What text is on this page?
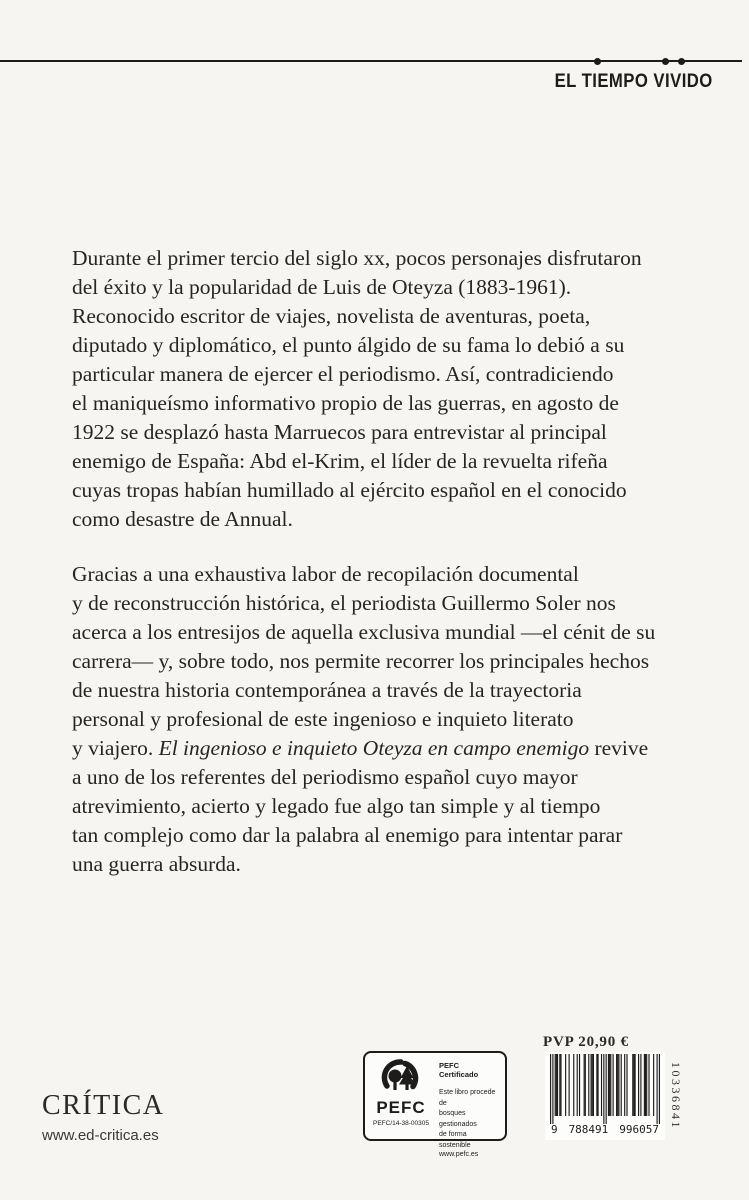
EL TIEMPO VIVIDO
Durante el primer tercio del siglo xx, pocos personajes disfrutaron
del éxito y la popularidad de Luis de Oteyza (1883-1961).
Reconocido escritor de viajes, novelista de aventuras, poeta,
diputado y diplomático, el punto álgido de su fama lo debió a su
particular manera de ejercer el periodismo. Así, contradiciendo
el maniqueísmo informativo propio de las guerras, en agosto de
1922 se desplazó hasta Marruecos para entrevistar al principal
enemigo de España: Abd el-Krim, el líder de la revuelta rifeña
cuyas tropas habían humillado al ejército español en el conocido
como desastre de Annual.
Gracias a una exhaustiva labor de recopilación documental
y de reconstrucción histórica, el periodista Guillermo Soler nos
acerca a los entresijos de aquella exclusiva mundial —el cénit de su
carrera— y, sobre todo, nos permite recorrer los principales hechos
de nuestra historia contemporánea a través de la trayectoria
personal y profesional de este ingenioso e inquieto literato
y viajero. El ingenioso e inquieto Oteyza en campo enemigo revive
a uno de los referentes del periodismo español cuyo mayor
atrevimiento, acierto y legado fue algo tan simple y al tiempo
tan complejo como dar la palabra al enemigo para intentar parar
una guerra absurda.
CRÍTICA
www.ed-critica.es
PEFC
PEFC/14-38-00305
PEFC Certificado
Este libro procede de
bosques gestionados
de forma sostenible
www.pefc.es
PVP 20,90 €
9 788491 996057 10336841
